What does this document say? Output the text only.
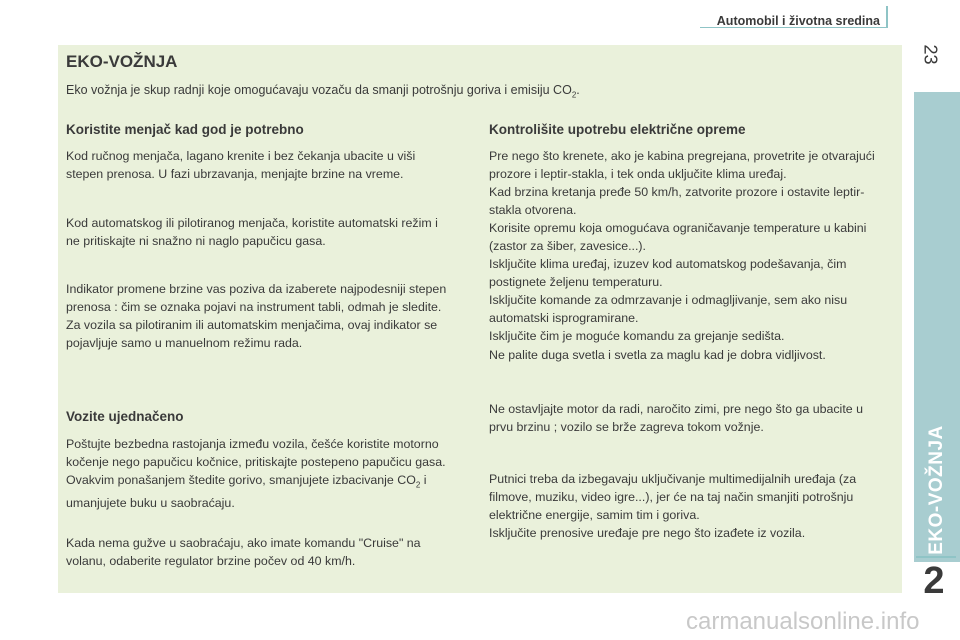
Automobil i životna sredina
23
EKO-VOŽNJA
2
EKO-VOŽNJA
Eko vožnja je skup radnji koje omogućavaju vozaču da smanji potrošnju goriva i emisiju $CO_2$.
Koristite menjač kad god je potrebno

Kod ručnog menjača, lagano krenite i bez čekanja ubacite u viši

stepen prenosa. U fazi ubrzavanja, menjajte brzine na vreme.

Kod automatskog ili pilotiranog menjača, koristite automatski režim i

ne pritiskajte ni snažno ni naglo papučicu gasa.

Indikator promene brzine vas poziva da izaberete najpodesniji stepen

prenosa : čim se oznaka pojavi na instrument tabli, odmah je sledite.

Za vozila sa pilotiranim ili automatskim menjačima, ovaj indikator se

pojavljuje samo u manuelnom režimu rada.

Vozite ujednačeno

Poštujte bezbedna rastojanja između vozila, češće koristite motorno

kočenje nego papučicu kočnice, pritiskajte postepeno papučicu gasa.

Ovakvim ponašanjem štedite gorivo, smanjujete izbacivanje $CO_2$ i

umanjujete buku u saobraćaju.

Kada nema gužve u saobraćaju, ako imate komandu "Cruise" na

volanu, odaberite regulator brzine počev od 40 km/h.

Kontrolišite upotrebu električne opreme

Pre nego što krenete, ako je kabina pregrejana, provetrite je otvarajući

prozore i leptir-stakla, i tek onda uključite klima uređaj.

Kad brzina kretanja pređe 50 km/h, zatvorite prozore i ostavite leptir-

stakla otvorena.

Korisite opremu koja omogućava ograničavanje temperature u kabini

(zastor za šiber, zavesice...).

Isključite klima uređaj, izuzev kod automatskog podešavanja, čim

postignete željenu temperaturu.

Isključite komande za odmrzavanje i odmagljivanje, sem ako nisu

automatski isprogramirane.

Isključite čim je moguće komandu za grejanje sedišta.

Ne palite duga svetla i svetla za maglu kad je dobra vidljivost.

Ne ostavljajte motor da radi, naročito zimi, pre nego što ga ubacite u

prvu brzinu ; vozilo se brže zagreva tokom vožnje.

Putnici treba da izbegavaju uključivanje multimedijalnih uređaja (za

filmove, muziku, video igre...), jer će na taj način smanjiti potrošnju

električne energije, samim tim i goriva.

Isključite prenosive uređaje pre nego što izađete iz vozila.

carmanualsonline.info
